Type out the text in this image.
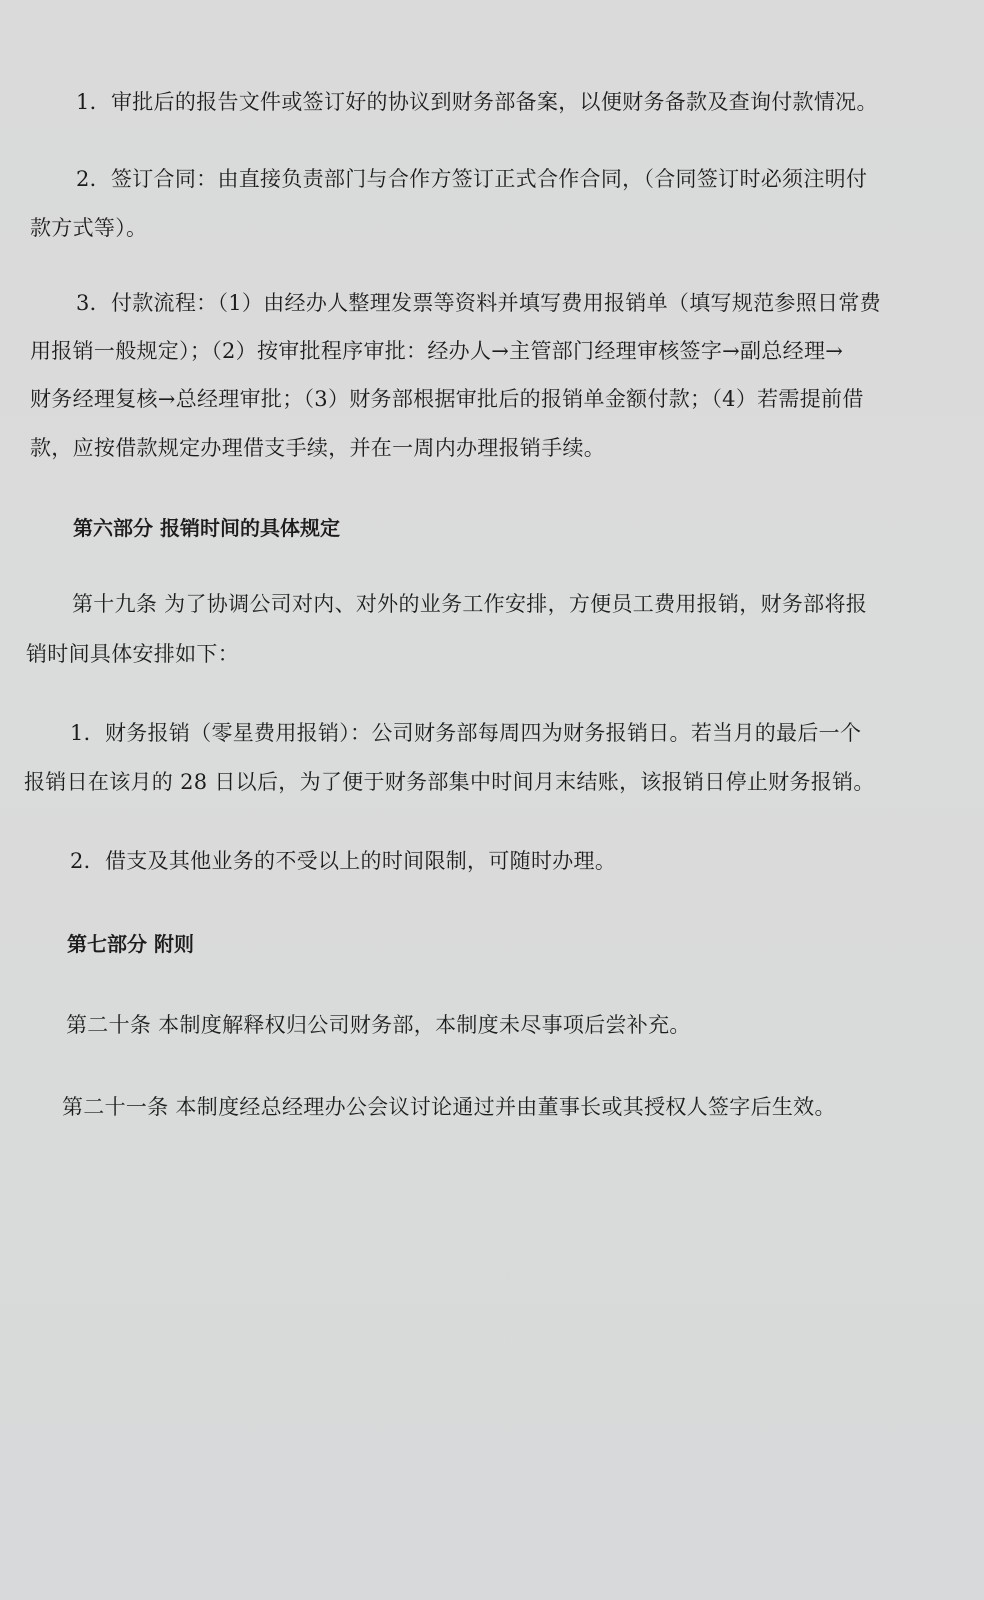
1．审批后的报告文件或签订好的协议到财务部备案，以便财务备款及查询付款情况。
2．签订合同：由直接负责部门与合作方签订正式合作合同，（合同签订时必须注明付
款方式等）。
3．付款流程：（1）由经办人整理发票等资料并填写费用报销单（填写规范参照日常费
用报销一般规定）；（2）按审批程序审批：经办人→主管部门经理审核签字→副总经理→
财务经理复核→总经理审批；（3）财务部根据审批后的报销单金额付款；（4）若需提前借
款，应按借款规定办理借支手续，并在一周内办理报销手续。
第六部分 报销时间的具体规定
第十九条 为了协调公司对内、对外的业务工作安排，方便员工费用报销，财务部将报
销时间具体安排如下：
1．财务报销（零星费用报销）：公司财务部每周四为财务报销日。若当月的最后一个
报销日在该月的 28 日以后，为了便于财务部集中时间月末结账，该报销日停止财务报销。
2．借支及其他业务的不受以上的时间限制，可随时办理。
第七部分 附则
第二十条 本制度解释权归公司财务部，本制度未尽事项后尝补充。
第二十一条 本制度经总经理办公会议讨论通过并由董事长或其授权人签字后生效。
